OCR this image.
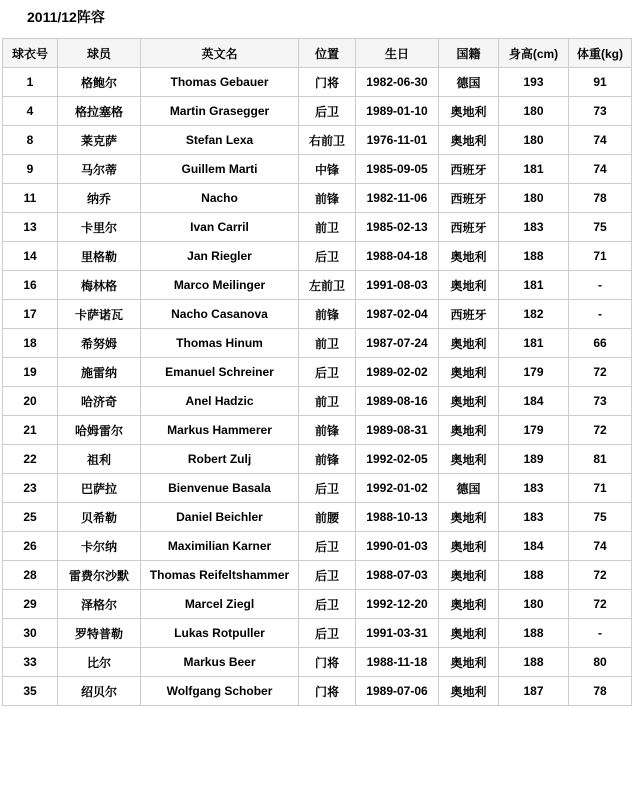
2011/12阵容
球衣号	球员	英文名	位置	生日	国籍	身高(cm)	体重(kg)
1	格鲍尔	Thomas Gebauer	门将	1982-06-30	德国	193	91
4	格拉塞格	Martin Grasegger	后卫	1989-01-10	奥地利	180	73
8	莱克萨	Stefan Lexa	右前卫	1976-11-01	奥地利	180	74
9	马尔蒂	Guillem Marti	中锋	1985-09-05	西班牙	181	74
11	纳乔	Nacho	前锋	1982-11-06	西班牙	180	78
13	卡里尔	Ivan Carril	前卫	1985-02-13	西班牙	183	75
14	里格勒	Jan Riegler	后卫	1988-04-18	奥地利	188	71
16	梅林格	Marco Meilinger	左前卫	1991-08-03	奥地利	181	-
17	卡萨诺瓦	Nacho Casanova	前锋	1987-02-04	西班牙	182	-
18	希努姆	Thomas Hinum	前卫	1987-07-24	奥地利	181	66
19	施雷纳	Emanuel Schreiner	后卫	1989-02-02	奥地利	179	72
20	哈济奇	Anel Hadzic	前卫	1989-08-16	奥地利	184	73
21	哈姆雷尔	Markus Hammerer	前锋	1989-08-31	奥地利	179	72
22	祖利	Robert Zulj	前锋	1992-02-05	奥地利	189	81
23	巴萨拉	Bienvenue Basala	后卫	1992-01-02	德国	183	71
25	贝希勒	Daniel Beichler	前腰	1988-10-13	奥地利	183	75
26	卡尔纳	Maximilian Karner	后卫	1990-01-03	奥地利	184	74
28	雷费尔沙默	Thomas Reifeltshammer	后卫	1988-07-03	奥地利	188	72
29	泽格尔	Marcel Ziegl	后卫	1992-12-20	奥地利	180	72
30	罗特普勒	Lukas Rotpuller	后卫	1991-03-31	奥地利	188	-
33	比尔	Markus Beer	门将	1988-11-18	奥地利	188	80
35	绍贝尔	Wolfgang Schober	门将	1989-07-06	奥地利	187	78
